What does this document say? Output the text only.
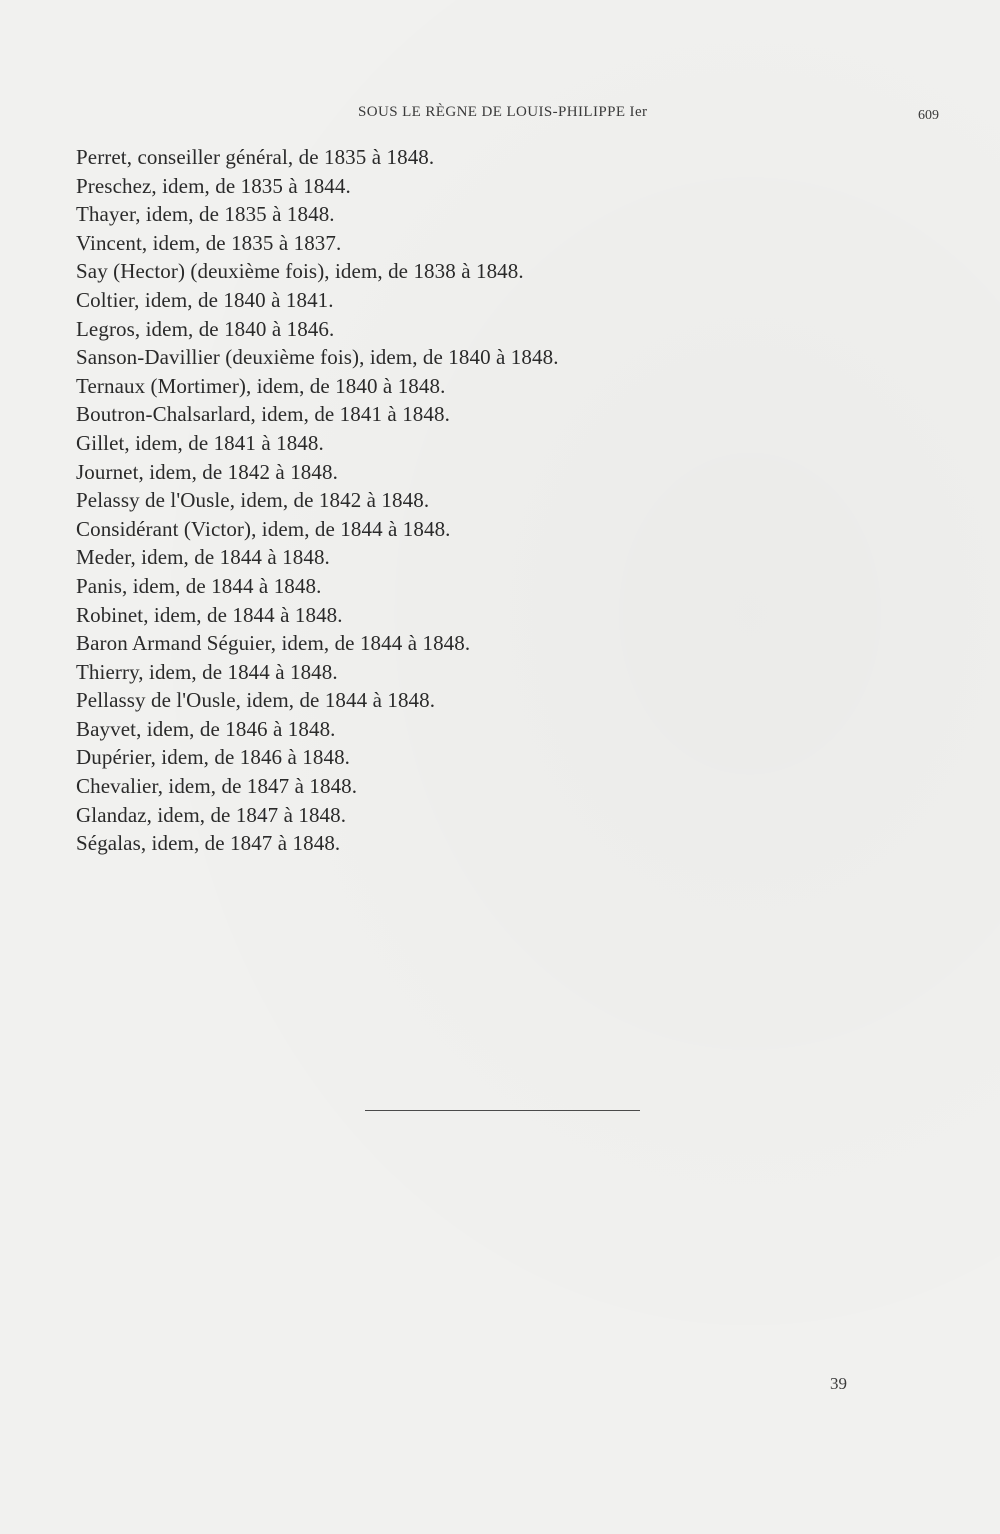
SOUS LE RÈGNE DE LOUIS-PHILIPPE Ier	609
Perret, conseiller général, de 1835 à 1848.
Preschez, idem, de 1835 à 1844.
Thayer, idem, de 1835 à 1848.
Vincent, idem, de 1835 à 1837.
Say (Hector) (deuxième fois), idem, de 1838 à 1848.
Coltier, idem, de 1840 à 1841.
Legros, idem, de 1840 à 1846.
Sanson-Davillier (deuxième fois), idem, de 1840 à 1848.
Ternaux (Mortimer), idem, de 1840 à 1848.
Boutron-Chalsarlard, idem, de 1841 à 1848.
Gillet, idem, de 1841 à 1848.
Journet, idem, de 1842 à 1848.
Pelassy de l'Ousle, idem, de 1842 à 1848.
Considérant (Victor), idem, de 1844 à 1848.
Meder, idem, de 1844 à 1848.
Panis, idem, de 1844 à 1848.
Robinet, idem, de 1844 à 1848.
Baron Armand Séguier, idem, de 1844 à 1848.
Thierry, idem, de 1844 à 1848.
Pellassy de l'Ousle, idem, de 1844 à 1848.
Bayvet, idem, de 1846 à 1848.
Dupérier, idem, de 1846 à 1848.
Chevalier, idem, de 1847 à 1848.
Glandaz, idem, de 1847 à 1848.
Ségalas, idem, de 1847 à 1848.
39
